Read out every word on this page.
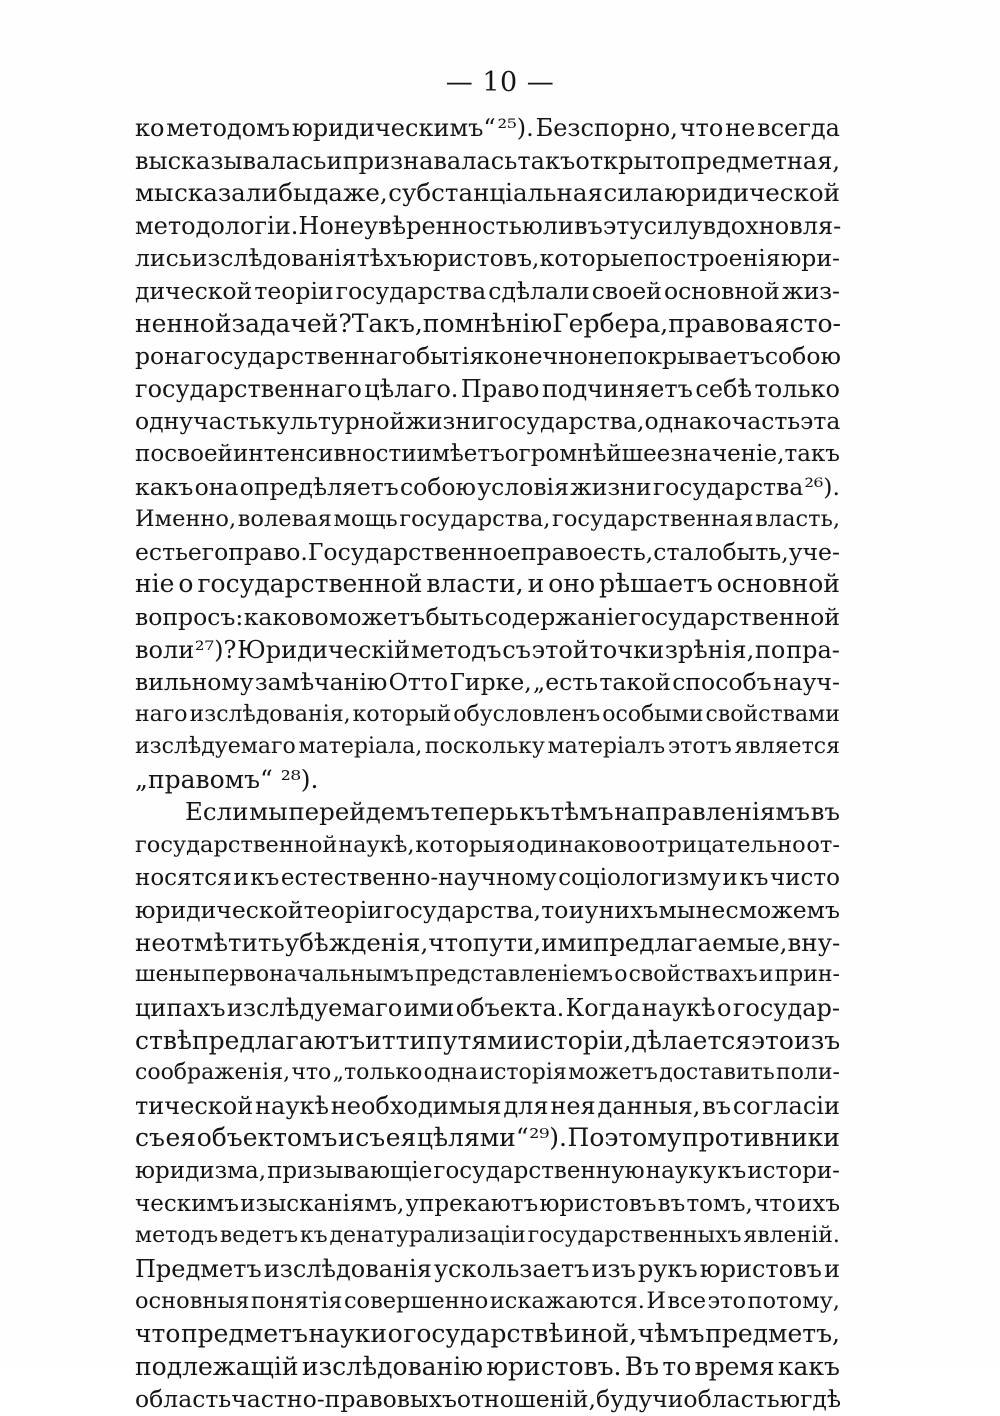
— 10 —
ко методомъ юридическимъ“ ²⁵). Безспорно, что не всегда
высказывалась и признавалась такъ открыто предметная,
мы сказали бы даже, субстанціальная сила юридической
методологіи. Но не увѣренностью ли въ эту силу вдохновля-
лись изслѣдованія тѣхъ юристовъ, которые построенія юри-
дической теоріи государства сдѣлали своей основной жиз-
ненной задачей? Такъ, по мнѣнію Гербера, правовая сто-
рона государственнаго бытія конечно не покрываетъ собою
государственнаго цѣлаго. Право подчиняетъ себѣ только
одну часть культурной жизни государства, однако часть эта
по своей интенсивности имѣетъ огромнѣйшее значеніе, такъ
какъ она опредѣляетъ собою условія жизни государства ²⁶).
Именно, волевая мощь государства, государственная власть,
есть его право. Государственное право есть, стало быть, уче-
ніе о государственной власти, и оно рѣшаетъ основной
вопросъ: каково можетъ быть содержаніе государственной
воли ²⁷)? Юридическій методъ съ этой точки зрѣнія, по пра-
вильному замѣчанію Отто Гирке, „есть такой способъ науч-
наго изслѣдованія, который обусловленъ особыми свойствами
изслѣдуемаго матеріала, поскольку матеріалъ этотъ является
„правомъ“ ²⁸).
Если мы перейдемъ теперь къ тѣмъ направленіямъ въ
государственной наукѣ, которыя одинаково отрицательно от-
носятся и къ естественно-научному соціологизму и къ чисто
юридической теоріи государства, то и у нихъ мы не сможемъ
не отмѣтить убѣжденія, что пути, ими предлагаемые, вну-
шены первоначальнымъ представленіемъ о свойствахъ и прин-
ципахъ изслѣдуемаго ими объекта. Когда наукѣ о государ-
ствѣ предлагаютъ итти путями исторіи, дѣлается это изъ
соображенія, что „только одна исторія можетъ доставить поли-
тической наукѣ необходимыя для нея данныя, въ согласіи
съ ея объектомъ и съ ея цѣлями“ ²⁹). Поэтому противники
юридизма, призывающіе государственную науку къ истори-
ческимъ изысканіямъ, упрекаютъ юристовъ въ томъ, что ихъ
методъ ведетъ къ денатурализаціи государственныхъ явленій.
Предметъ изслѣдованія ускользаетъ изъ рукъ юристовъ и
основныя понятія совершенно искажаются. И все это потому,
что предметъ науки о государствѣ иной, чѣмъ предметъ,
подлежащій изслѣдованію юристовъ. Въ то время какъ
область частно-правовыхъ отношеній, будучи областью гдѣ
